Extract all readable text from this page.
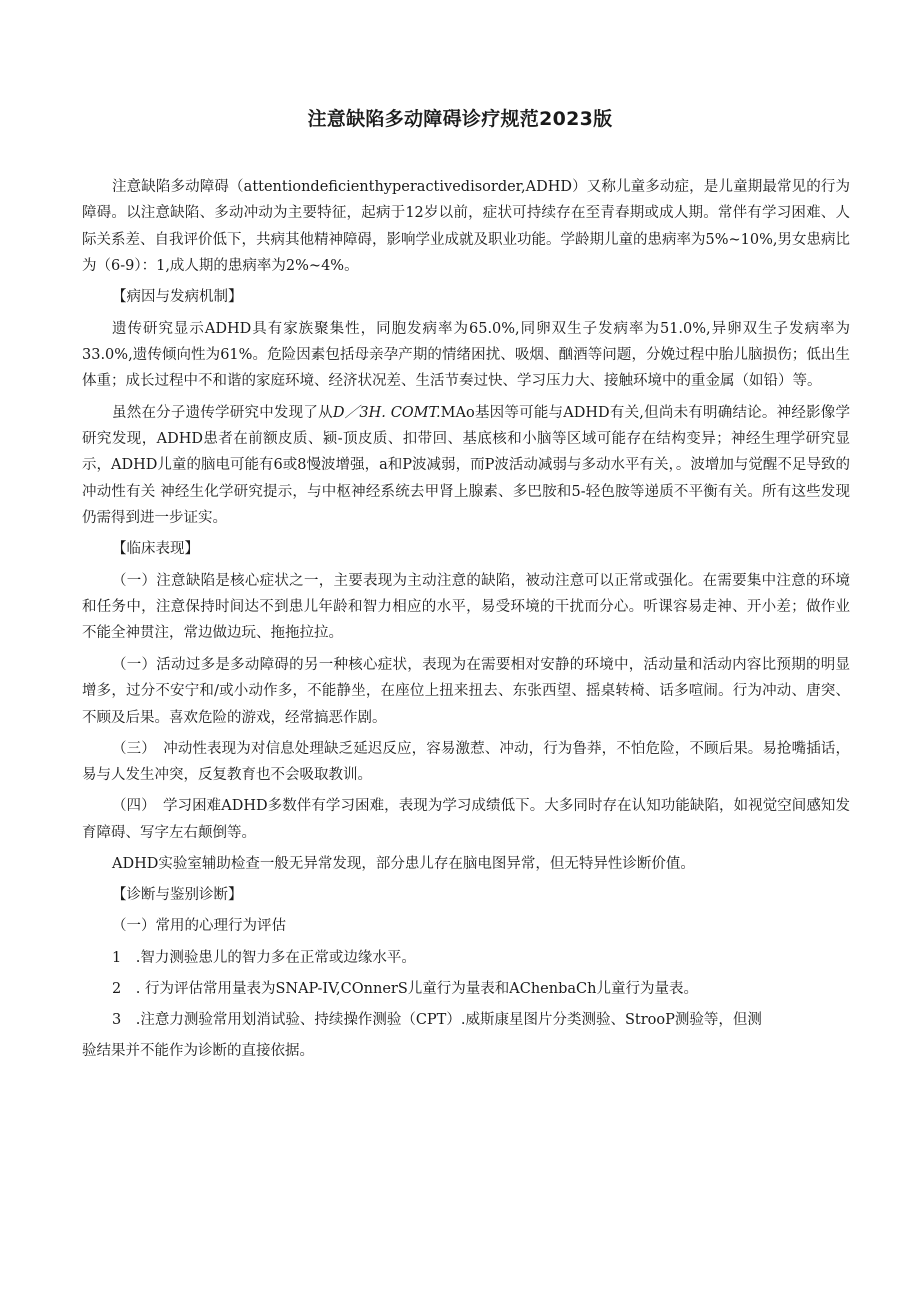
注意缺陷多动障碍诊疗规范2023版

注意缺陷多动障碍（attentiondeficienthyperactivedisorder,ADHD）又称儿童多动症，是儿童期最常见的行为障碍。以注意缺陷、多动冲动为主要特征，起病于12岁以前，症状可持续存在至青春期或成人期。常伴有学习困难、人际关系差、自我评价低下，共病其他精神障碍，影响学业成就及职业功能。学龄期儿童的患病率为5%~10%,男女患病比为（6-9）：1,成人期的患病率为2%~4%。

【病因与发病机制】

遗传研究显示ADHD具有家族聚集性，同胞发病率为65.0%,同卵双生子发病率为51.0%,异卵双生子发病率为33.0%,遗传倾向性为61%。危险因素包括母亲孕产期的情绪困扰、吸烟、酗酒等问题，分娩过程中胎儿脑损伤；低出生体重；成长过程中不和谐的家庭环境、经济状况差、生活节奏过快、学习压力大、接触环境中的重金属（如铅）等。

虽然在分子遗传学研究中发现了从D／3H. COMT.MAo基因等可能与ADHD有关,但尚未有明确结论。神经影像学研究发现，ADHD患者在前额皮质、颍-顶皮质、扣带回、基底核和小脑等区域可能存在结构变异；神经生理学研究显示，ADHD儿童的脑电可能有6或8慢波增强，a和P波减弱，而P波活动减弱与多动水平有关，。波增加与觉醒不足导致的冲动性有关 神经生化学研究提示，与中枢神经系统去甲肾上腺素、多巴胺和5-轻色胺等递质不平衡有关。所有这些发现仍需得到进一步证实。

【临床表现】

（一）注意缺陷是核心症状之一，主要表现为主动注意的缺陷，被动注意可以正常或强化。在需要集中注意的环境和任务中，注意保持时间达不到患儿年龄和智力相应的水平，易受环境的干扰而分心。听课容易走神、开小差；做作业不能全神贯注，常边做边玩、拖拖拉拉。

（一）活动过多是多动障碍的另一种核心症状，表现为在需要相对安静的环境中，活动量和活动内容比预期的明显增多，过分不安宁和/或小动作多，不能静坐，在座位上扭来扭去、东张西望、摇桌转椅、话多喧闹。行为冲动、唐突、不顾及后果。喜欢危险的游戏，经常搞恶作剧。

（三）　冲动性表现为对信息处理缺乏延迟反应，容易激惹、冲动，行为鲁莽，不怕危险，不顾后果。易抢嘴插话，易与人发生冲突，反复教育也不会吸取教训。

（四）　学习困难ADHD多数伴有学习困难，表现为学习成绩低下。大多同时存在认知功能缺陷，如视觉空间感知发育障碍、写字左右颠倒等。

ADHD实验室辅助检查一般无异常发现，部分患儿存在脑电图异常，但无特异性诊断价值。

【诊断与鉴别诊断】

（一）常用的心理行为评估

1　.智力测验患儿的智力多在正常或边缘水平。

2　. 行为评估常用量表为SNAP-IV,COnnerS儿童行为量表和AChenbaCh儿童行为量表。

3　.注意力测验常用划消试验、持续操作测验（CPT）.威斯康星图片分类测验、StrooP测验等，但测

验结果并不能作为诊断的直接依据。
